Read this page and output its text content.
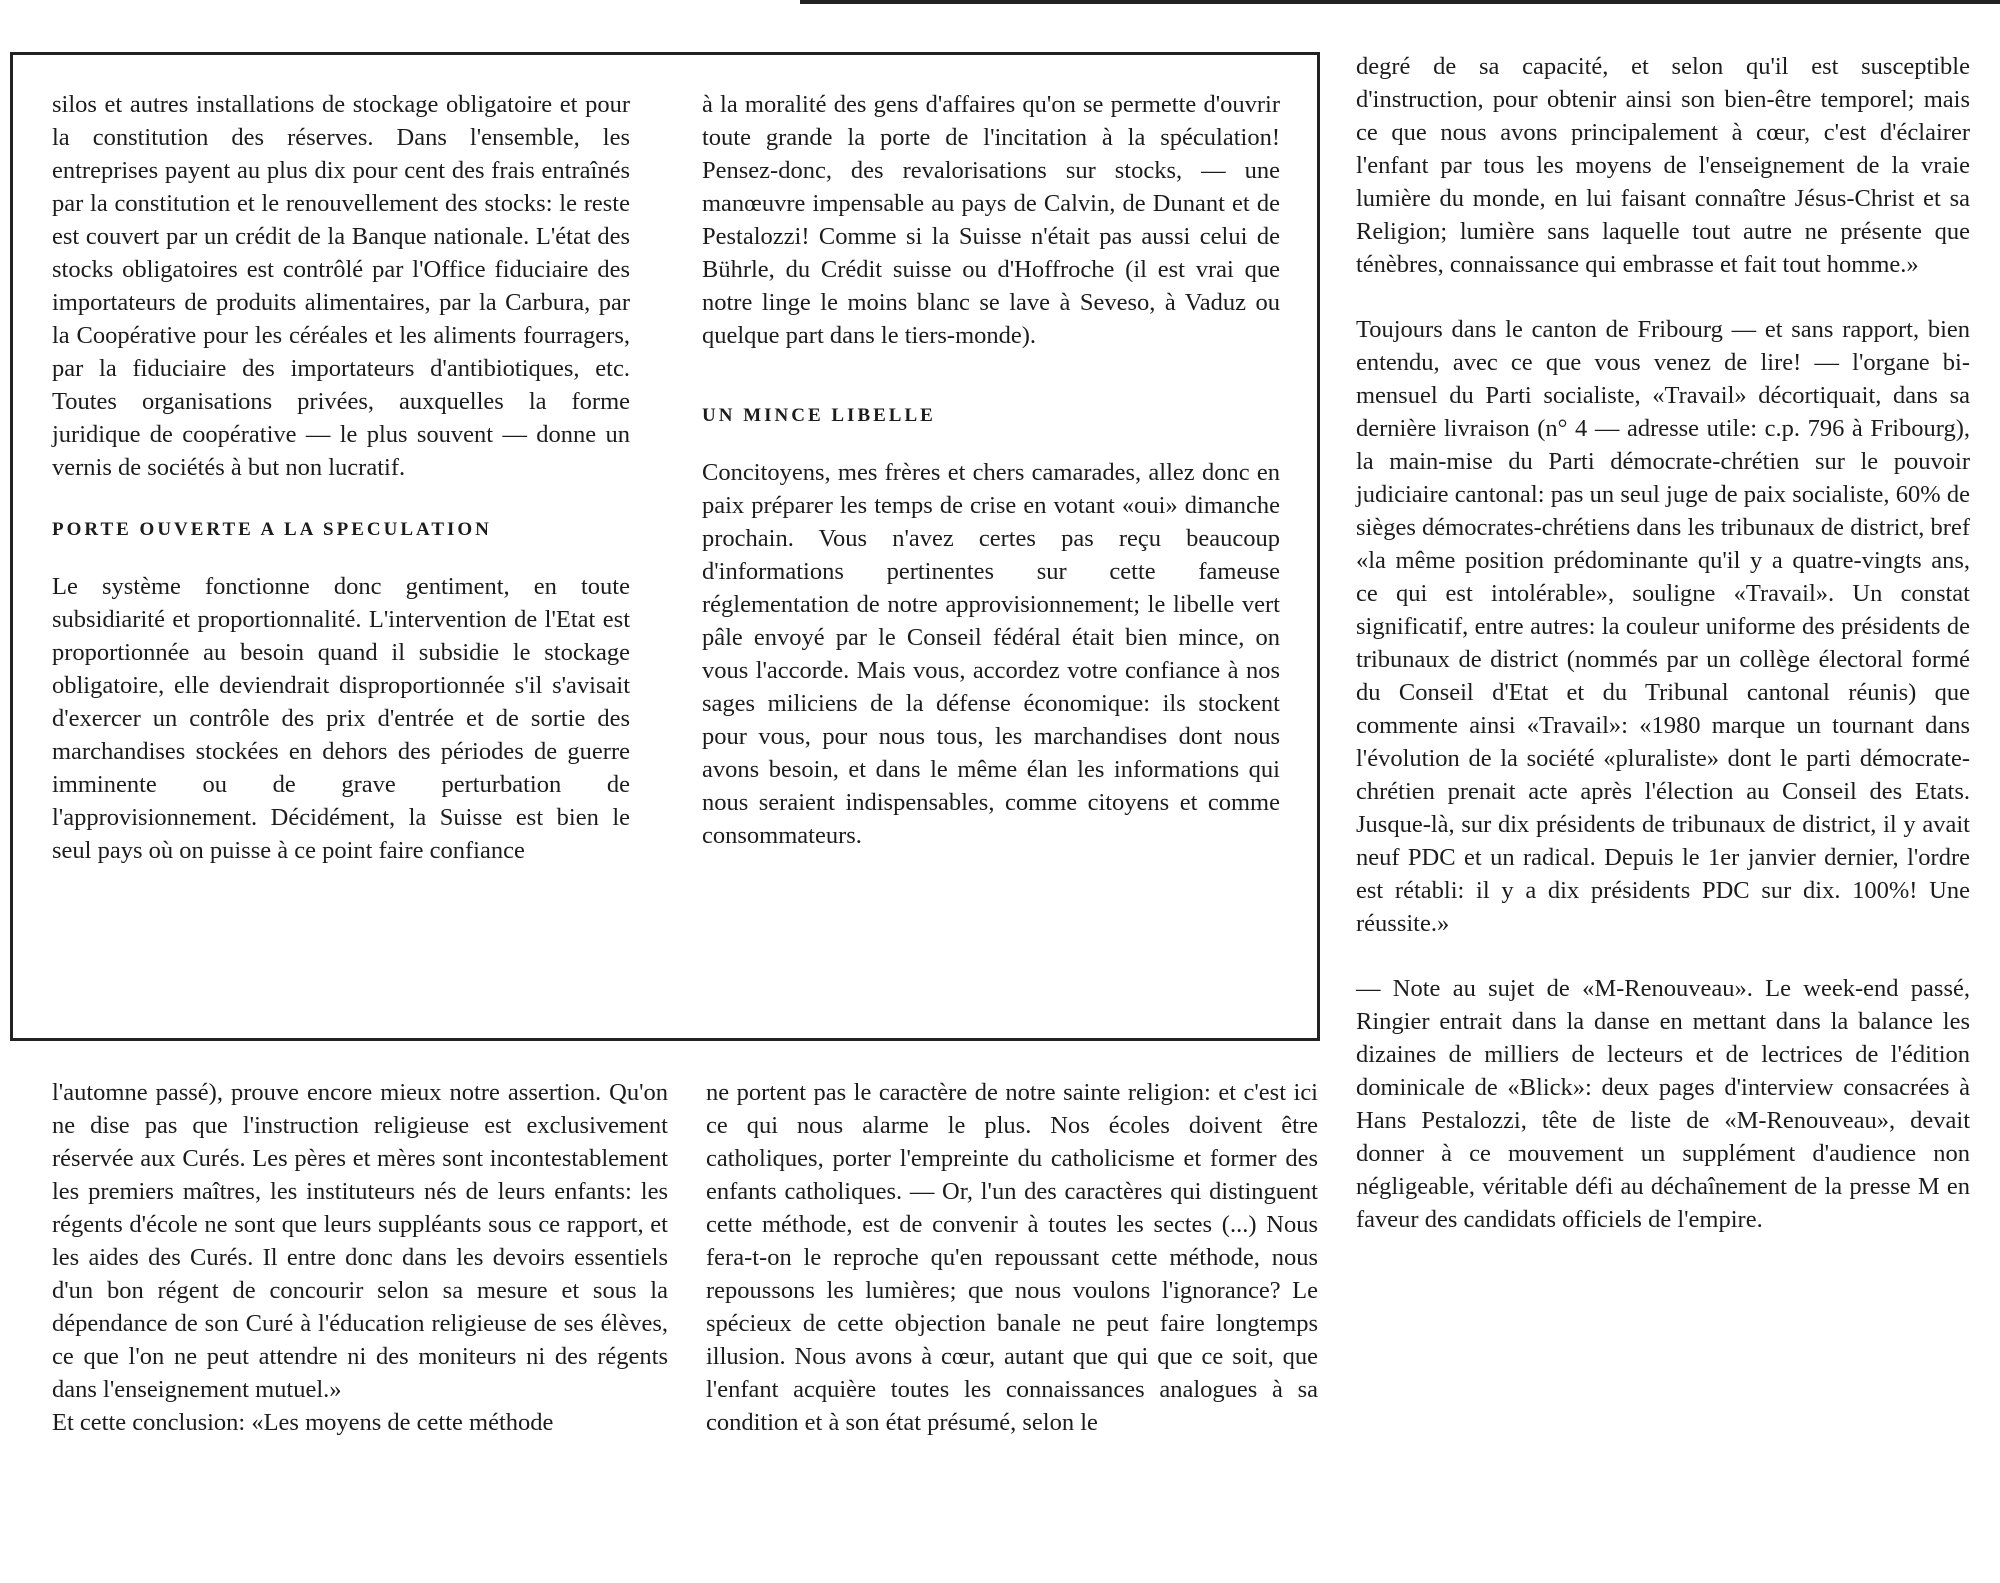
silos et autres installations de stockage obligatoire et pour la constitution des réserves. Dans l'ensemble, les entreprises payent au plus dix pour cent des frais entraînés par la constitution et le renouvellement des stocks: le reste est couvert par un crédit de la Banque nationale. L'état des stocks obligatoires est contrôlé par l'Office fiduciaire des importateurs de produits alimentaires, par la Carbura, par la Coopérative pour les céréales et les aliments fourragers, par la fiduciaire des importateurs d'antibiotiques, etc. Toutes organisations privées, auxquelles la forme juridique de coopérative — le plus souvent — donne un vernis de sociétés à but non lucratif.

PORTE OUVERTE A LA SPECULATION

Le système fonctionne donc gentiment, en toute subsidiarité et proportionnalité. L'intervention de l'Etat est proportionnée au besoin quand il subsidie le stockage obligatoire, elle deviendrait disproportionnée s'il s'avisait d'exercer un contrôle des prix d'entrée et de sortie des marchandises stockées en dehors des périodes de guerre imminente ou de grave perturbation de l'approvisionnement. Décidément, la Suisse est bien le seul pays où on puisse à ce point faire confiance

à la moralité des gens d'affaires qu'on se permette d'ouvrir toute grande la porte de l'incitation à la spéculation! Pensez-donc, des revalorisations sur stocks, — une manœuvre impensable au pays de Calvin, de Dunant et de Pestalozzi! Comme si la Suisse n'était pas aussi celui de Bührle, du Crédit suisse ou d'Hoffroche (il est vrai que notre linge le moins blanc se lave à Seveso, à Vaduz ou quelque part dans le tiers-monde).

UN MINCE LIBELLE

Concitoyens, mes frères et chers camarades, allez donc en paix préparer les temps de crise en votant «oui» dimanche prochain. Vous n'avez certes pas reçu beaucoup d'informations pertinentes sur cette fameuse réglementation de notre approvisionnement; le libelle vert pâle envoyé par le Conseil fédéral était bien mince, on vous l'accorde. Mais vous, accordez votre confiance à nos sages miliciens de la défense économique: ils stockent pour vous, pour nous tous, les marchandises dont nous avons besoin, et dans le même élan les informations qui nous seraient indispensables, comme citoyens et comme consommateurs.

l'automne passé), prouve encore mieux notre assertion. Qu'on ne dise pas que l'instruction religieuse est exclusivement réservée aux Curés. Les pères et mères sont incontestablement les premiers maîtres, les instituteurs nés de leurs enfants: les régents d'école ne sont que leurs suppléants sous ce rapport, et les aides des Curés. Il entre donc dans les devoirs essentiels d'un bon régent de concourir selon sa mesure et sous la dépendance de son Curé à l'éducation religieuse de ses élèves, ce que l'on ne peut attendre ni des moniteurs ni des régents dans l'enseignement mutuel.»

Et cette conclusion: «Les moyens de cette méthode

ne portent pas le caractère de notre sainte religion: et c'est ici ce qui nous alarme le plus. Nos écoles doivent être catholiques, porter l'empreinte du catholicisme et former des enfants catholiques. — Or, l'un des caractères qui distinguent cette méthode, est de convenir à toutes les sectes (...) Nous fera-t-on le reproche qu'en repoussant cette méthode, nous repoussons les lumières; que nous voulons l'ignorance? Le spécieux de cette objection banale ne peut faire longtemps illusion. Nous avons à cœur, autant que qui que ce soit, que l'enfant acquière toutes les connaissances analogues à sa condition et à son état présumé, selon le

degré de sa capacité, et selon qu'il est susceptible d'instruction, pour obtenir ainsi son bien-être temporel; mais ce que nous avons principalement à cœur, c'est d'éclairer l'enfant par tous les moyens de l'enseignement de la vraie lumière du monde, en lui faisant connaître Jésus-Christ et sa Religion; lumière sans laquelle tout autre ne présente que ténèbres, connaissance qui embrasse et fait tout homme.»

Toujours dans le canton de Fribourg — et sans rapport, bien entendu, avec ce que vous venez de lire! — l'organe bi-mensuel du Parti socialiste, «Travail» décortiquait, dans sa dernière livraison (n° 4 — adresse utile: c.p. 796 à Fribourg), la main-mise du Parti démocrate-chrétien sur le pouvoir judiciaire cantonal: pas un seul juge de paix socialiste, 60% de sièges démocrates-chrétiens dans les tribunaux de district, bref «la même position prédominante qu'il y a quatre-vingts ans, ce qui est intolérable», souligne «Travail». Un constat significatif, entre autres: la couleur uniforme des présidents de tribunaux de district (nommés par un collège électoral formé du Conseil d'Etat et du Tribunal cantonal réunis) que commente ainsi «Travail»: «1980 marque un tournant dans l'évolution de la société «pluraliste» dont le parti démocrate-chrétien prenait acte après l'élection au Conseil des Etats. Jusque-là, sur dix présidents de tribunaux de district, il y avait neuf PDC et un radical. Depuis le 1er janvier dernier, l'ordre est rétabli: il y a dix présidents PDC sur dix. 100%! Une réussite.»

— Note au sujet de «M-Renouveau». Le week-end passé, Ringier entrait dans la danse en mettant dans la balance les dizaines de milliers de lecteurs et de lectrices de l'édition dominicale de «Blick»: deux pages d'interview consacrées à Hans Pestalozzi, tête de liste de «M-Renouveau», devait donner à ce mouvement un supplément d'audience non négligeable, véritable défi au déchaînement de la presse M en faveur des candidats officiels de l'empire.
